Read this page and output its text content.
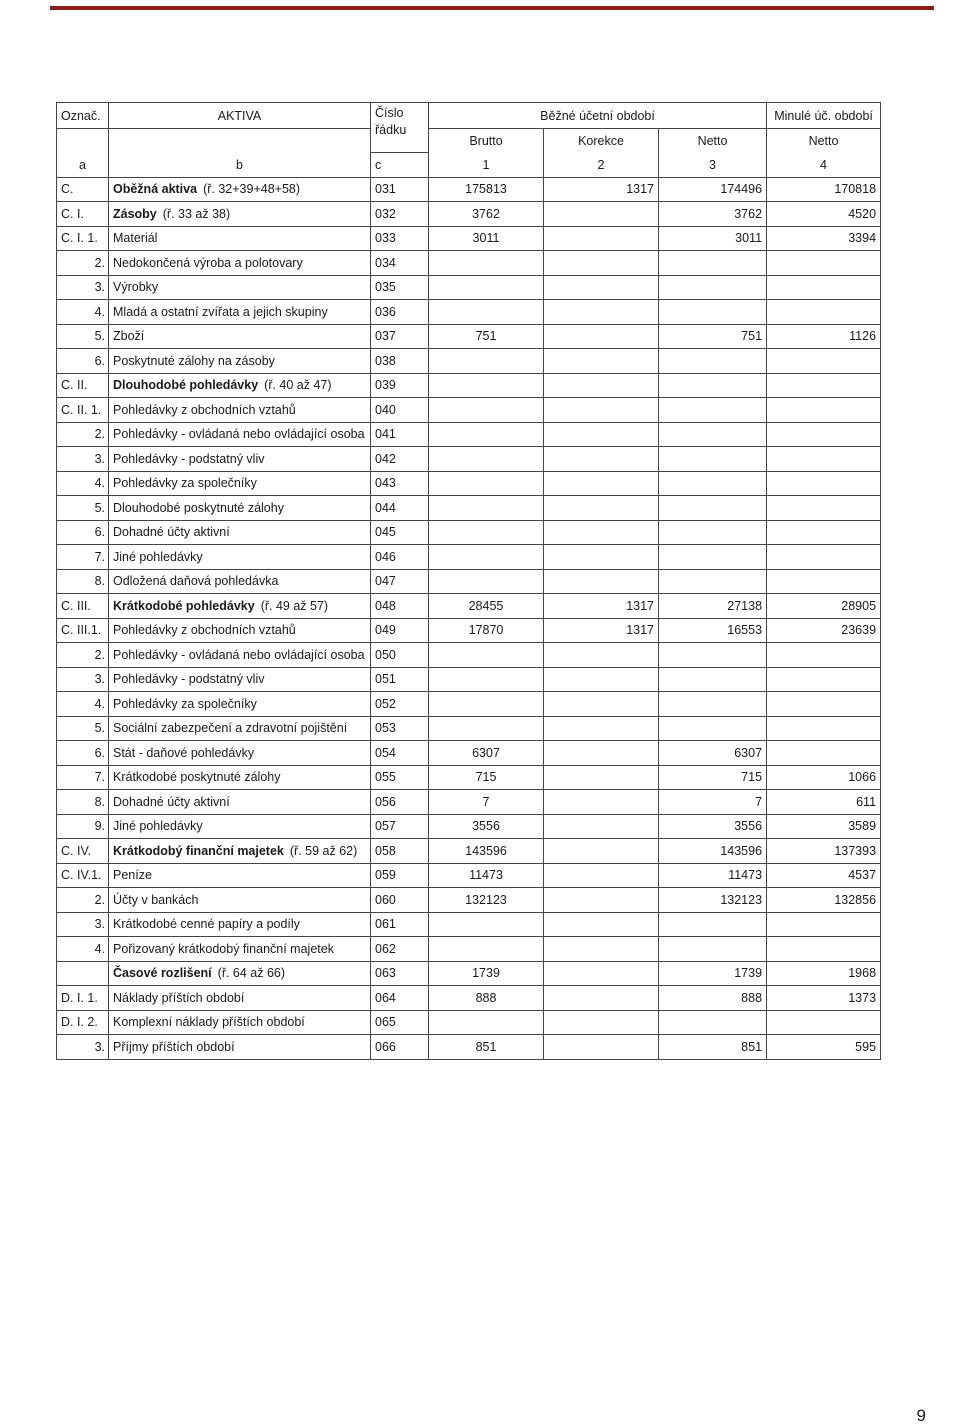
Označ.	AKTIVA	Číslo
řádku	Běžné účetní období			Minulé úč. období
			Brutto	Korekce	Netto	Netto
a	b	c	1	2	3	4
C.	Oběžná aktiva (ř. 32+39+48+58)	031	175813	1317	174496	170818
C. I.	Zásoby (ř. 33 až 38)	032	3762		3762	4520
C. I. 1.	Materiál	033	3011		3011	3394
2.	Nedokončená výroba a polotovary	034				
3.	Výrobky	035				
4.	Mladá a ostatní zvířata a jejich skupiny	036				
5.	Zboží	037	751		751	1126
6.	Poskytnuté zálohy na zásoby	038				
C. II.	Dlouhodobé pohledávky (ř. 40 až 47)	039				
C. II. 1.	Pohledávky z obchodních vztahů	040				
2.	Pohledávky - ovládaná nebo ovládající osoba	041				
3.	Pohledávky - podstatný vliv	042				
4.	Pohledávky za společníky	043				
5.	Dlouhodobé poskytnuté zálohy	044				
6.	Dohadné účty aktivní	045				
7.	Jiné pohledávky	046				
8.	Odložená daňová pohledávka	047				
C. III.	Krátkodobé pohledávky (ř. 49 až 57)	048	28455	1317	27138	28905
C. III.1.	Pohledávky z obchodních vztahů	049	17870	1317	16553	23639
2.	Pohledávky - ovládaná nebo ovládající osoba	050				
3.	Pohledávky - podstatný vliv	051				
4.	Pohledávky za společníky	052				
5.	Sociální zabezpečení a zdravotní pojištění	053				
6.	Stát - daňové pohledávky	054	6307		6307	
7.	Krátkodobé poskytnuté zálohy	055	715		715	1066
8.	Dohadné účty aktivní	056	7		7	611
9.	Jiné pohledávky	057	3556		3556	3589
C. IV.	Krátkodobý finanční majetek (ř. 59 až 62)	058	143596		143596	137393
C. IV.1.	Peníze	059	11473		11473	4537
2.	Účty v bankách	060	132123		132123	132856
3.	Krátkodobé cenné papíry a podíly	061				
4.	Pořizovaný krátkodobý finanční majetek	062				
	Časové rozlišení (ř. 64 až 66)	063	1739		1739	1968
D. I. 1.	Náklady příštích období	064	888		888	1373
D. I. 2.	Komplexní náklady příštích období	065				
3.	Příjmy příštích období	066	851		851	595
9
